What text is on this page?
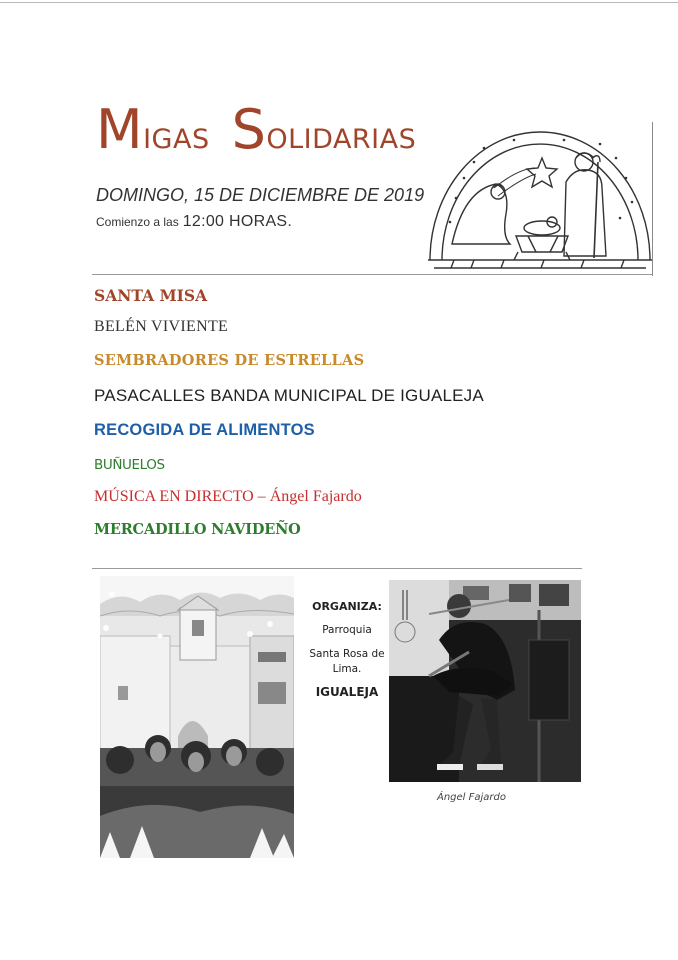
MIGAS SOLIDARIAS
DOMINGO, 15 DE DICIEMBRE DE 2019
Comienzo a las 12:00 HORAS.
SANTA MISA
BELÉN VIVIENTE
SEMBRADORES DE ESTRELLAS
PASACALLES BANDA MUNICIPAL DE IGUALEJA
RECOGIDA DE ALIMENTOS
BUÑUELOS
MÚSICA EN DIRECTO – Ángel Fajardo
MERCADILLO NAVIDEÑO
ORGANIZA:
Parroquia
Santa Rosa de Lima.
IGUALEJA
Ángel Fajardo
